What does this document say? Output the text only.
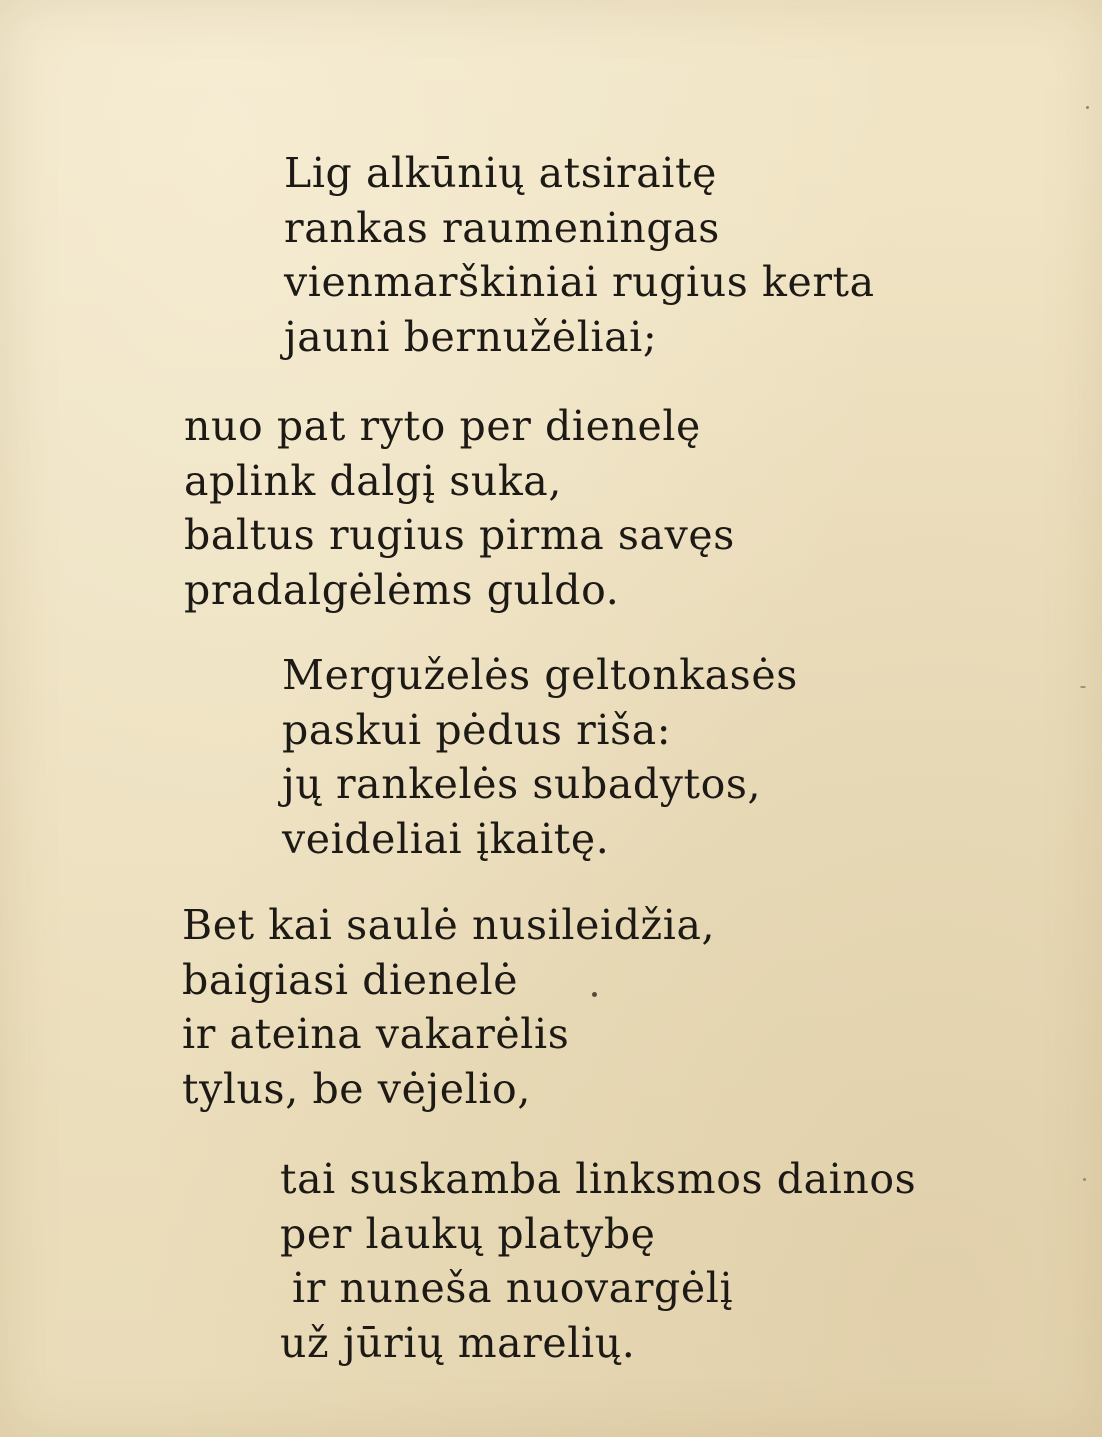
Lig alkūnių atsiraitę
rankas raumeningas
vienmarškiniai rugius kerta
jauni bernužėliai;
nuo pat ryto per dienelę
aplink dalgį suka,
baltus rugius pirma savęs
pradalgėlėms guldo.
Merguželės geltonkasės
paskui pėdus riša:
jų rankelės subadytos,
veideliai įkaitę.
Bet kai saulė nusileidžia,
baigiasi dienelė
ir ateina vakarėlis
tylus, be vėjelio,
tai suskamba linksmos dainos
per laukų platybę
ir nuneša nuovargėlį
už jūrių marelių.
